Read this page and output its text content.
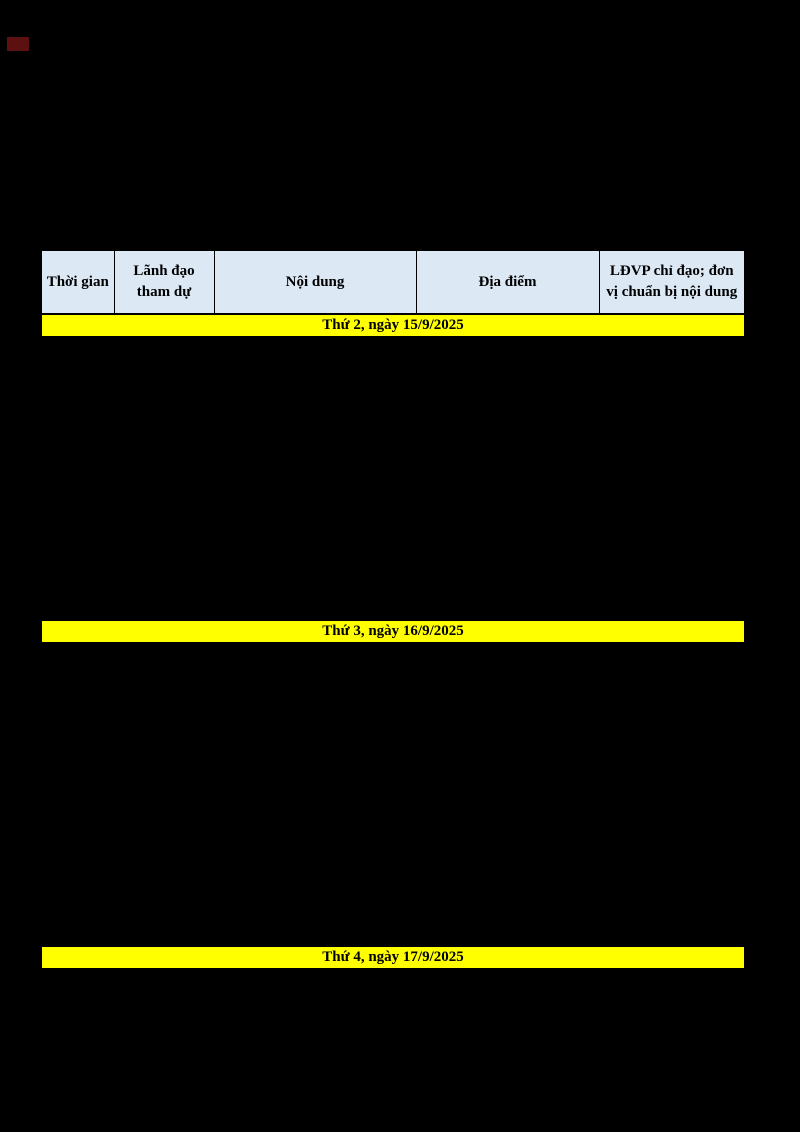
Thời gian	Lãnh đạo tham dự	Nội dung	Địa điểm	LĐVP chỉ đạo; đơn vị chuẩn bị nội dung
Thứ 2, ngày 15/9/2025

Thứ 3, ngày 16/9/2025

Thứ 4, ngày 17/9/2025
